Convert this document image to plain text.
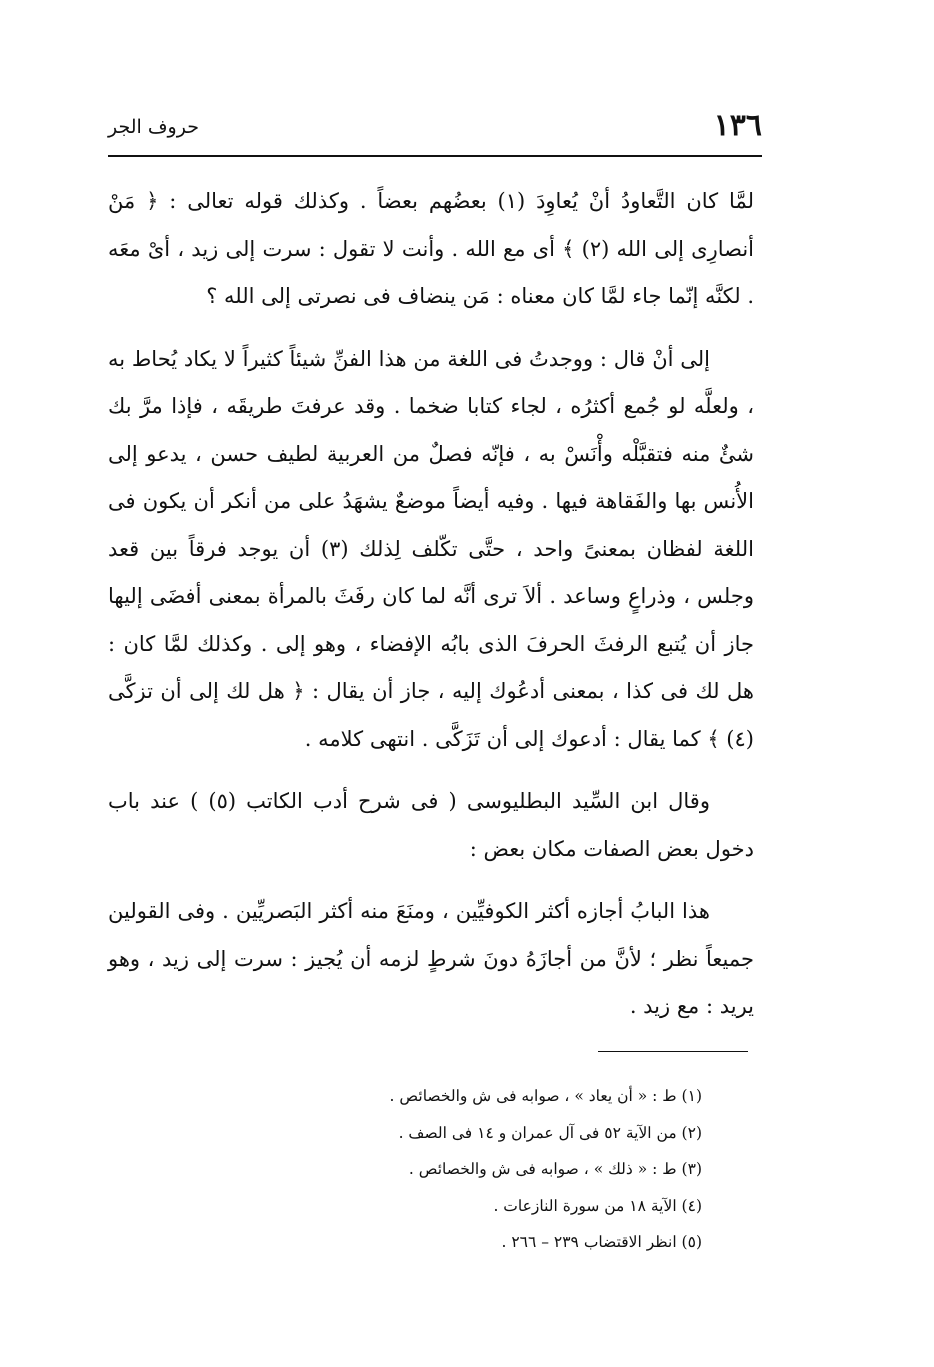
١٣٦
حروف الجر

لمَّا كان التَّعاودُ أنْ يُعاوِدَ (١) بعضُهم بعضاً . وكذلك قوله تعالى : ﴿ مَنْ أنصارِى إلى الله (٢) ﴾ أى مع الله . وأنت لا تقول : سرت إلى زيد ، أىْ معَه . لكنَّه إنّما جاء لمَّا كان معناه : مَن ينضاف فى نصرتى إلى الله ؟

إلى أنْ قال : ووجدتُ فى اللغة من هذا الفنِّ شيئاً كثيراً لا يكاد يُحاط به ، ولعلَّه لو جُمع أكثرُه ، لجاء كتابا ضخما . وقد عرفتَ طريقَه ، فإذا مرَّ بك شئٌ منه فتقبَّلْه وأْنَسْ به ، فإنّه فصلٌ من العربية لطيف حسن ، يدعو إلى الأُنس بها والفَقاهة فيها . وفيه أيضاً موضعٌ يشهَدُ على من أنكر أن يكون فى اللغة لفظان بمعنىً واحد ، حتَّى تكّلف لِذلك (٣) أن يوجد فرقاً بين قعد وجلس ، وذراعٍ وساعد . ألاَ ترى أنَّه لما كان رفَثَ بالمرأة بمعنى أفضَى إليها جاز أن يُتبع الرفثَ الحرفَ الذى بابُه الإفضاء ، وهو إلى . وكذلك لمَّا كان : هل لك فى كذا ، بمعنى أدعُوك إليه ، جاز أن يقال : ﴿ هل لك إلى أن تزكَّى (٤) ﴾ كما يقال : أدعوك إلى أن تَزَكَّى . انتهى كلامه .

وقال ابن السِّيد البطليوسى ( فى شرح أدب الكاتب (٥) ) عند باب دخول بعض الصفات مكان بعض :

هذا البابُ أجازه أكثر الكوفيِّين ، ومنَعَ منه أكثر البَصريِّين . وفى القولين جميعاً نظر ؛ لأنَّ من أجازَهُ دونَ شرطٍ لزمه أن يُجيز : سرت إلى زيد ، وهو يريد : مع زيد .

(١) ط : « أن يعاد » ، صوابه فى ش والخصائص .
(٢) من الآية ٥٢ فى آل عمران و ١٤ فى الصف .
(٣) ط : « ذلك » ، صوابه فى ش والخصائص .
(٤) الآية ١٨ من سورة النازعات .
(٥) انظر الاقتضاب ٢٣٩ – ٢٦٦ .
